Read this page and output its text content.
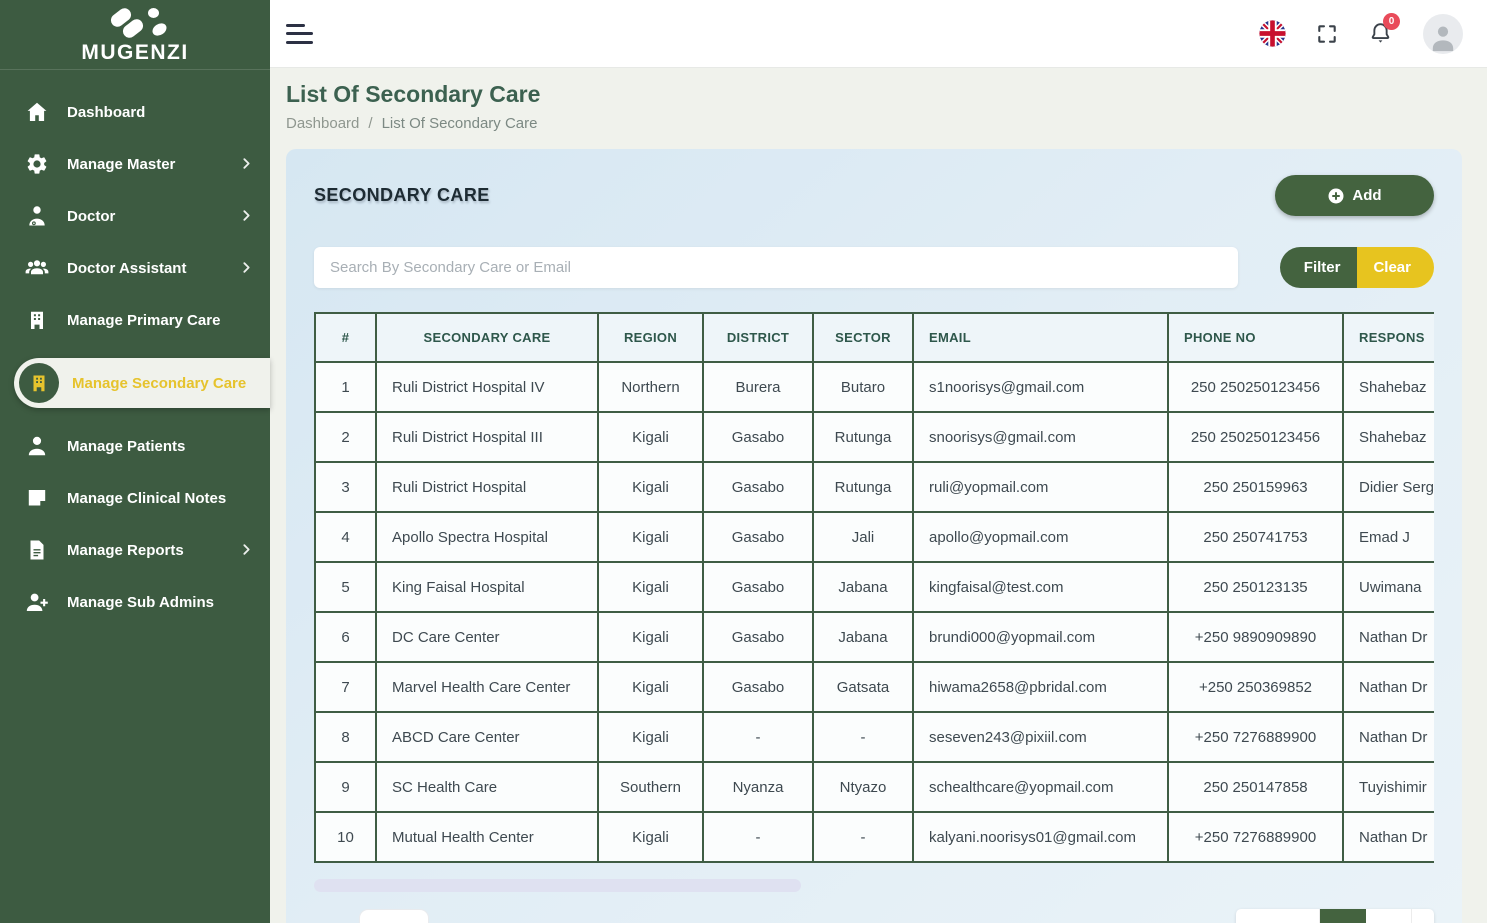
MUGENZI
Dashboard
Manage Master
Doctor
Doctor Assistant
Manage Primary Care
Manage Secondary Care
Manage Patients
Manage Clinical Notes
Manage Reports
Manage Sub Admins
0
List Of Secondary Care
Dashboard / List Of Secondary Care
SECONDARY CARE	Add
Search By Secondary Care or Email
Filter	Clear
#	SECONDARY CARE	REGION	DISTRICT	SECTOR	EMAIL	PHONE NO	RESPONS
1	Ruli District Hospital IV	Northern	Burera	Butaro	s1noorisys@gmail.com	250 250250123456	Shahebaz
2	Ruli District Hospital III	Kigali	Gasabo	Rutunga	snoorisys@gmail.com	250 250250123456	Shahebaz
3	Ruli District Hospital	Kigali	Gasabo	Rutunga	ruli@yopmail.com	250 250159963	Didier Serg
4	Apollo Spectra Hospital	Kigali	Gasabo	Jali	apollo@yopmail.com	250 250741753	Emad J
5	King Faisal Hospital	Kigali	Gasabo	Jabana	kingfaisal@test.com	250 250123135	Uwimana
6	DC Care Center	Kigali	Gasabo	Jabana	brundi000@yopmail.com	+250 9890909890	Nathan Dr
7	Marvel Health Care Center	Kigali	Gasabo	Gatsata	hiwama2658@pbridal.com	+250 250369852	Nathan Dr
8	ABCD Care Center	Kigali	-	-	seseven243@pixiil.com	+250 7276889900	Nathan Dr
9	SC Health Care	Southern	Nyanza	Ntyazo	schealthcare@yopmail.com	250 250147858	Tuyishimir
10	Mutual Health Center	Kigali	-	-	kalyani.noorisys01@gmail.com	+250 7276889900	Nathan Dr
